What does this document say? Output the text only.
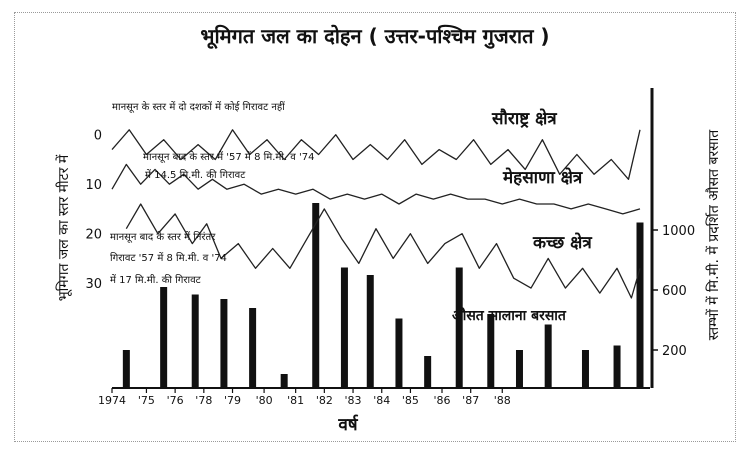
भूमिगत जल का दोहन ( उत्तर-पश्चिम गुजरात )
1974 '75 '76 '78 '79 '80 '81 '82 '83 '84 '85 '86 '87 '88
0
10
20
30
200
600
1000
भूमिगत जल का स्तर मीटर में	स्तम्भों में मि.मी. में प्रदर्शित औसत बरसात
वर्ष
मानसून के स्तर में दो दशकों में कोई गिरावट नहीं
मानसून बाद के स्तर में '57 में 8 मि.मी. व '74
में 14.5 मि.मी. की गिरावट
मानसून बाद के स्तर में निरंतर
गिरावट '57 में 8 मि.मी. व '74
में 17 मि.मी. की गिरावट
सौराष्ट्र क्षेत्र
मेहसाणा क्षेत्र
कच्छ क्षेत्र
औसत सालाना बरसात
